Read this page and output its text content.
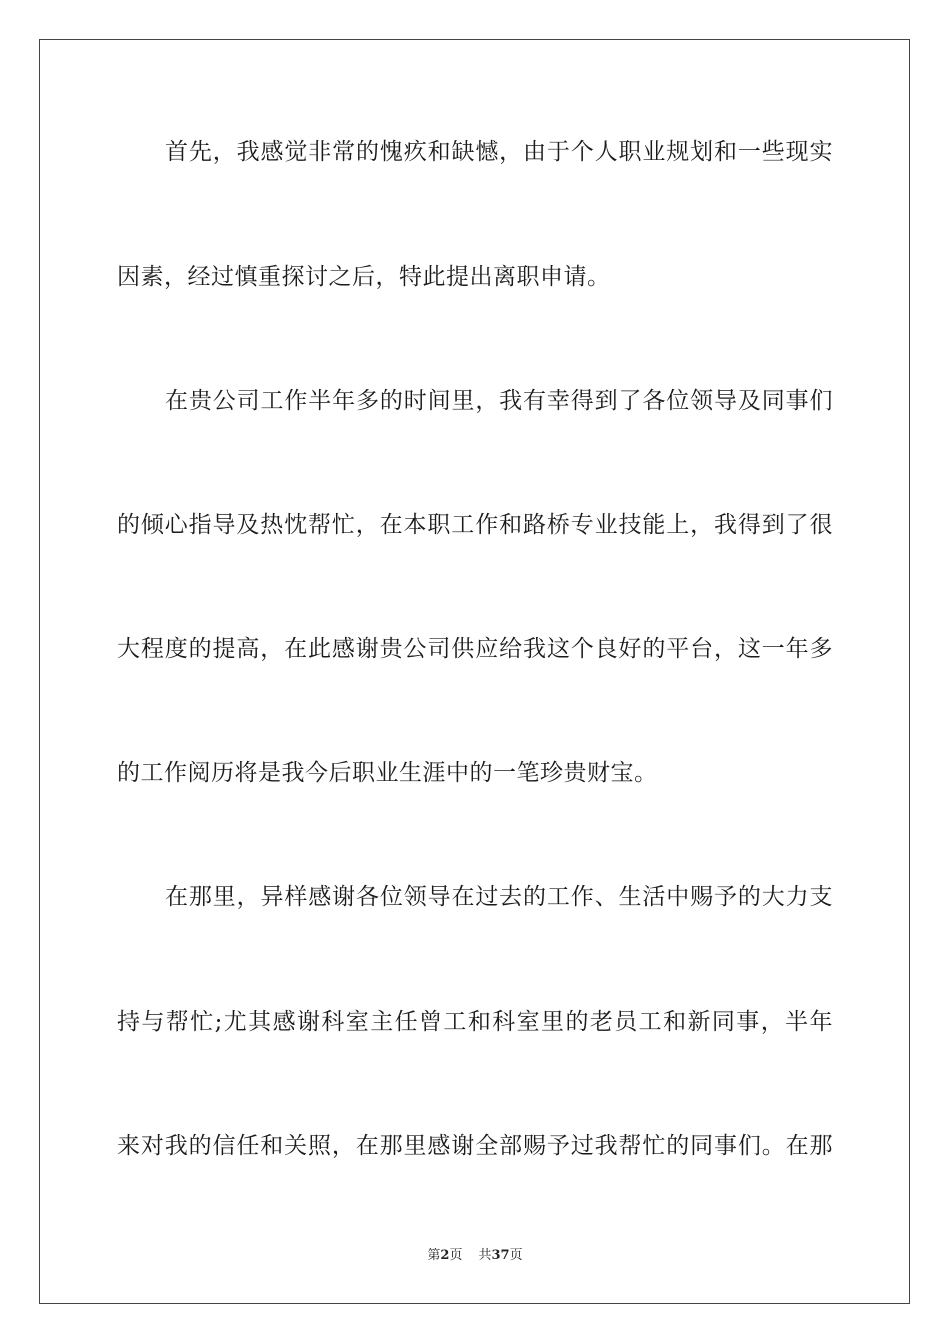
首先，我感觉非常的愧疚和缺憾，由于个人职业规划和一些现实
因素，经过慎重探讨之后，特此提出离职申请。
在贵公司工作半年多的时间里，我有幸得到了各位领导及同事们
的倾心指导及热忱帮忙，在本职工作和路桥专业技能上，我得到了很
大程度的提高，在此感谢贵公司供应给我这个良好的平台，这一年多
的工作阅历将是我今后职业生涯中的一笔珍贵财宝。
在那里，异样感谢各位领导在过去的工作、生活中赐予的大力支
持与帮忙;尤其感谢科室主任曾工和科室里的老员工和新同事，半年
来对我的信任和关照，在那里感谢全部赐予过我帮忙的同事们。在那
第2页 共37页
